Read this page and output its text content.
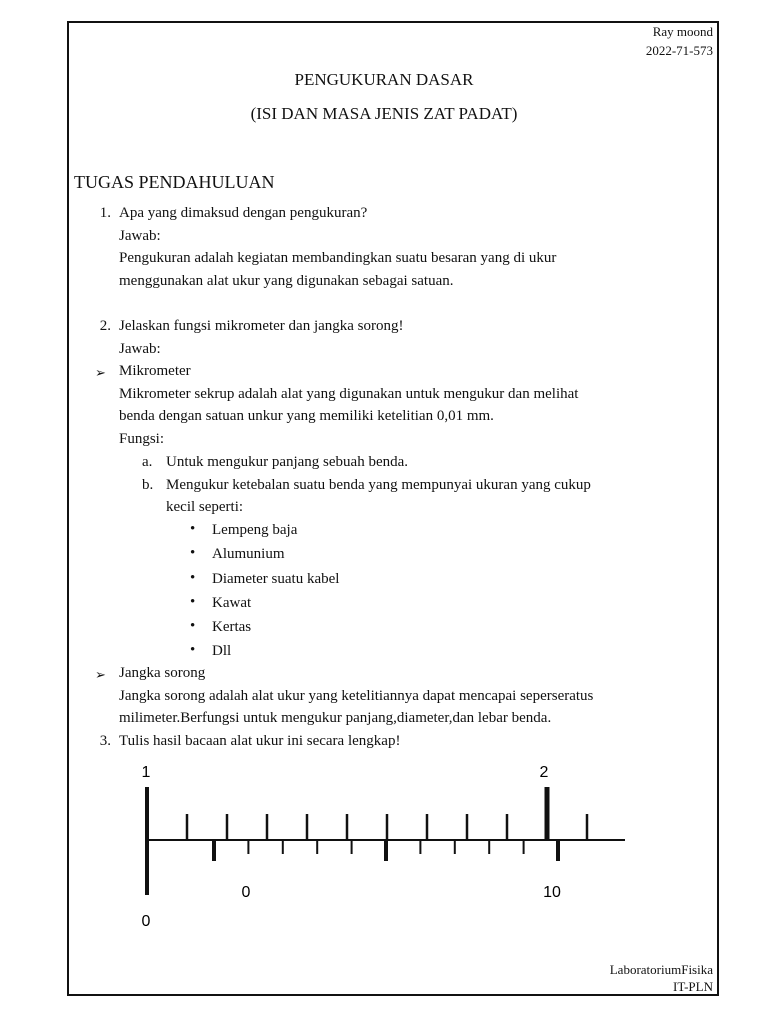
Ray moond
2022-71-573
PENGUKURAN DASAR
(ISI DAN MASA JENIS ZAT PADAT)
TUGAS PENDAHULUAN
1. Apa yang dimaksud dengan pengukuran?
Jawab:
Pengukuran adalah kegiatan membandingkan suatu besaran yang di ukur
menggunakan alat ukur yang digunakan sebagai satuan.
2. Jelaskan fungsi mikrometer dan jangka sorong!
Jawab:
➢ Mikrometer
Mikrometer sekrup adalah alat yang digunakan untuk mengukur dan melihat
benda dengan satuan unkur yang memiliki ketelitian 0,01 mm.
Fungsi:
a. Untuk mengukur panjang sebuah benda.
b. Mengukur ketebalan suatu benda yang mempunyai ukuran yang cukup
kecil seperti:
• Lempeng baja
• Alumunium
• Diameter suatu kabel
• Kawat
• Kertas
• Dll
➢ Jangka sorong
Jangka sorong adalah alat ukur yang ketelitiannya dapat mencapai seperseratus
milimeter.Berfungsi untuk mengukur panjang,diameter,dan lebar benda.
3. Tulis hasil bacaan alat ukur ini secara lengkap!
1	2
0	10
0
LaboratoriumFisika
IT-PLN
